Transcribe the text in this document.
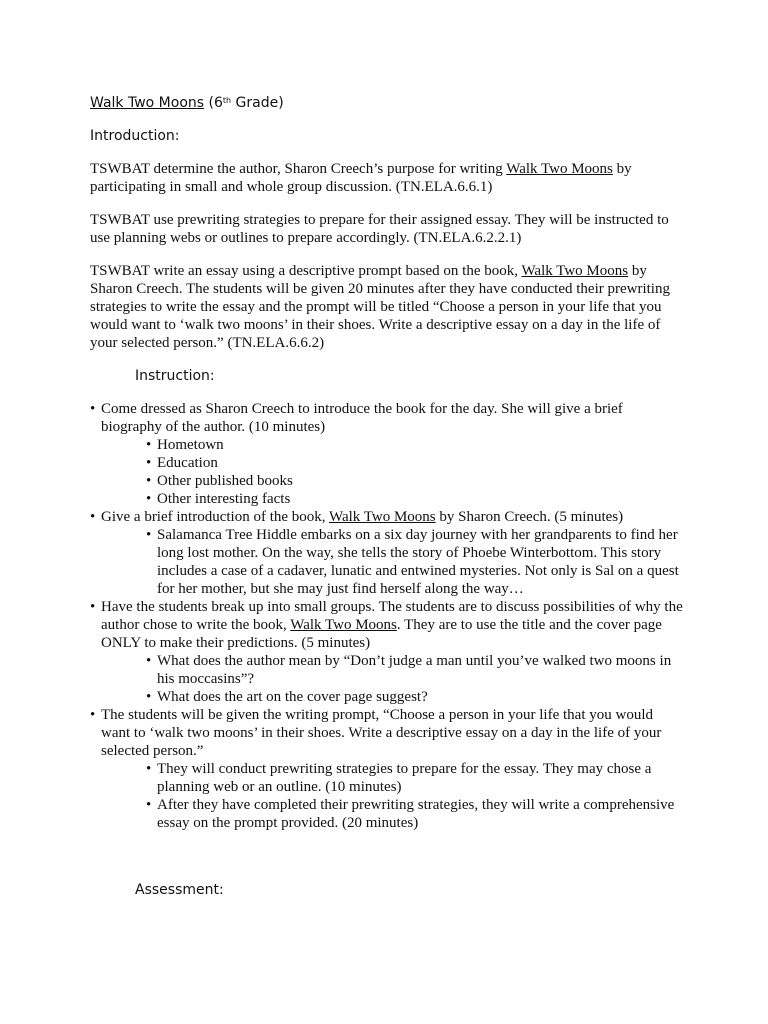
Walk Two Moons (6th Grade)
Introduction:

TSWBAT determine the author, Sharon Creech’s purpose for writing Walk Two Moons by participating in small and whole group discussion. (TN.ELA.6.6.1)

TSWBAT use prewriting strategies to prepare for their assigned essay. They will be instructed to use planning webs or outlines to prepare accordingly. (TN.ELA.6.2.2.1)

TSWBAT write an essay using a descriptive prompt based on the book, Walk Two Moons by Sharon Creech. The students will be given 20 minutes after they have conducted their prewriting strategies to write the essay and the prompt will be titled “Choose a person in your life that you would want to ‘walk two moons’ in their shoes. Write a descriptive essay on a day in the life of your selected person.” (TN.ELA.6.6.2)

Instruction:
• Come dressed as Sharon Creech to introduce the book for the day. She will give a brief biography of the author. (10 minutes)
• Hometown
• Education
• Other published books
• Other interesting facts
• Give a brief introduction of the book, Walk Two Moons by Sharon Creech. (5 minutes)
• Salamanca Tree Hiddle embarks on a six day journey with her grandparents to find her long lost mother. On the way, she tells the story of Phoebe Winterbottom. This story includes a case of a cadaver, lunatic and entwined mysteries. Not only is Sal on a quest for her mother, but she may just find herself along the way…
• Have the students break up into small groups. The students are to discuss possibilities of why the author chose to write the book, Walk Two Moons. They are to use the title and the cover page ONLY to make their predictions. (5 minutes)
• What does the author mean by “Don’t judge a man until you’ve walked two moons in his moccasins”?
• What does the art on the cover page suggest?
• The students will be given the writing prompt, “Choose a person in your life that you would want to ‘walk two moons’ in their shoes. Write a descriptive essay on a day in the life of your selected person.”
• They will conduct prewriting strategies to prepare for the essay. They may chose a planning web or an outline. (10 minutes)
• After they have completed their prewriting strategies, they will write a comprehensive essay on the prompt provided. (20 minutes)
Assessment:
